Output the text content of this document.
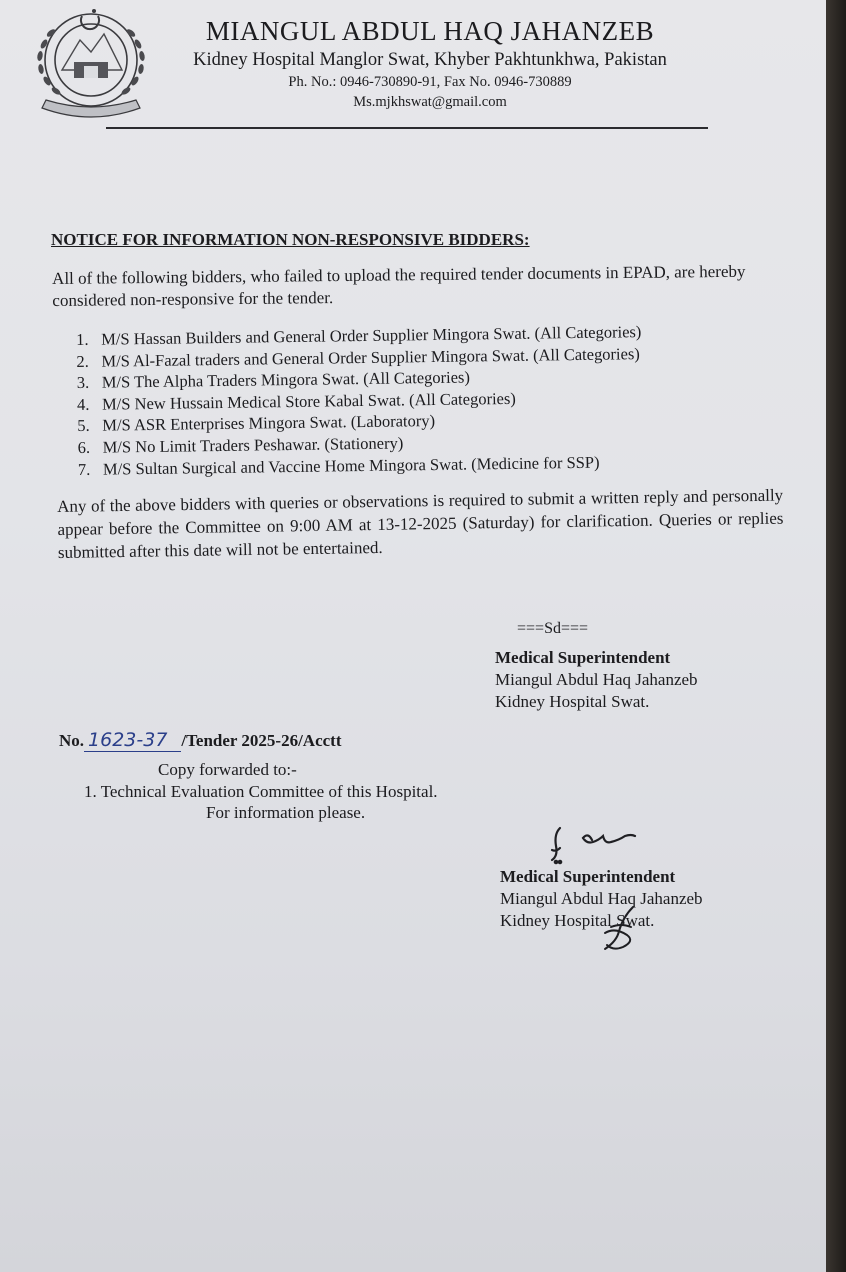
MIANGUL ABDUL HAQ JAHANZEB
Kidney Hospital Manglor Swat, Khyber Pakhtunkhwa, Pakistan
Ph. No.: 0946-730890-91, Fax No. 0946-730889
Ms.mjkhswat@gmail.com
NOTICE FOR INFORMATION NON-RESPONSIVE BIDDERS:
All of the following bidders, who failed to upload the required tender documents in EPAD, are hereby considered non-responsive for the tender.
1. M/S Hassan Builders and General Order Supplier Mingora Swat. (All Categories)
2. M/S Al-Fazal traders and General Order Supplier Mingora Swat. (All Categories)
3. M/S The Alpha Traders Mingora Swat. (All Categories)
4. M/S New Hussain Medical Store Kabal Swat. (All Categories)
5. M/S ASR Enterprises Mingora Swat. (Laboratory)
6. M/S No Limit Traders Peshawar. (Stationery)
7. M/S Sultan Surgical and Vaccine Home Mingora Swat. (Medicine for SSP)
Any of the above bidders with queries or observations is required to submit a written reply and personally appear before the Committee on 9:00 AM at 13-12-2025 (Saturday) for clarification. Queries or replies submitted after this date will not be entertained.
===Sd===
Medical Superintendent
Miangul Abdul Haq Jahanzeb
Kidney Hospital Swat.
No. 1623-37 /Tender 2025-26/Acctt
Copy forwarded to:-
1. Technical Evaluation Committee of this Hospital.
For information please.
Medical Superintendent
Miangul Abdul Haq Jahanzeb
Kidney Hospital Swat.
